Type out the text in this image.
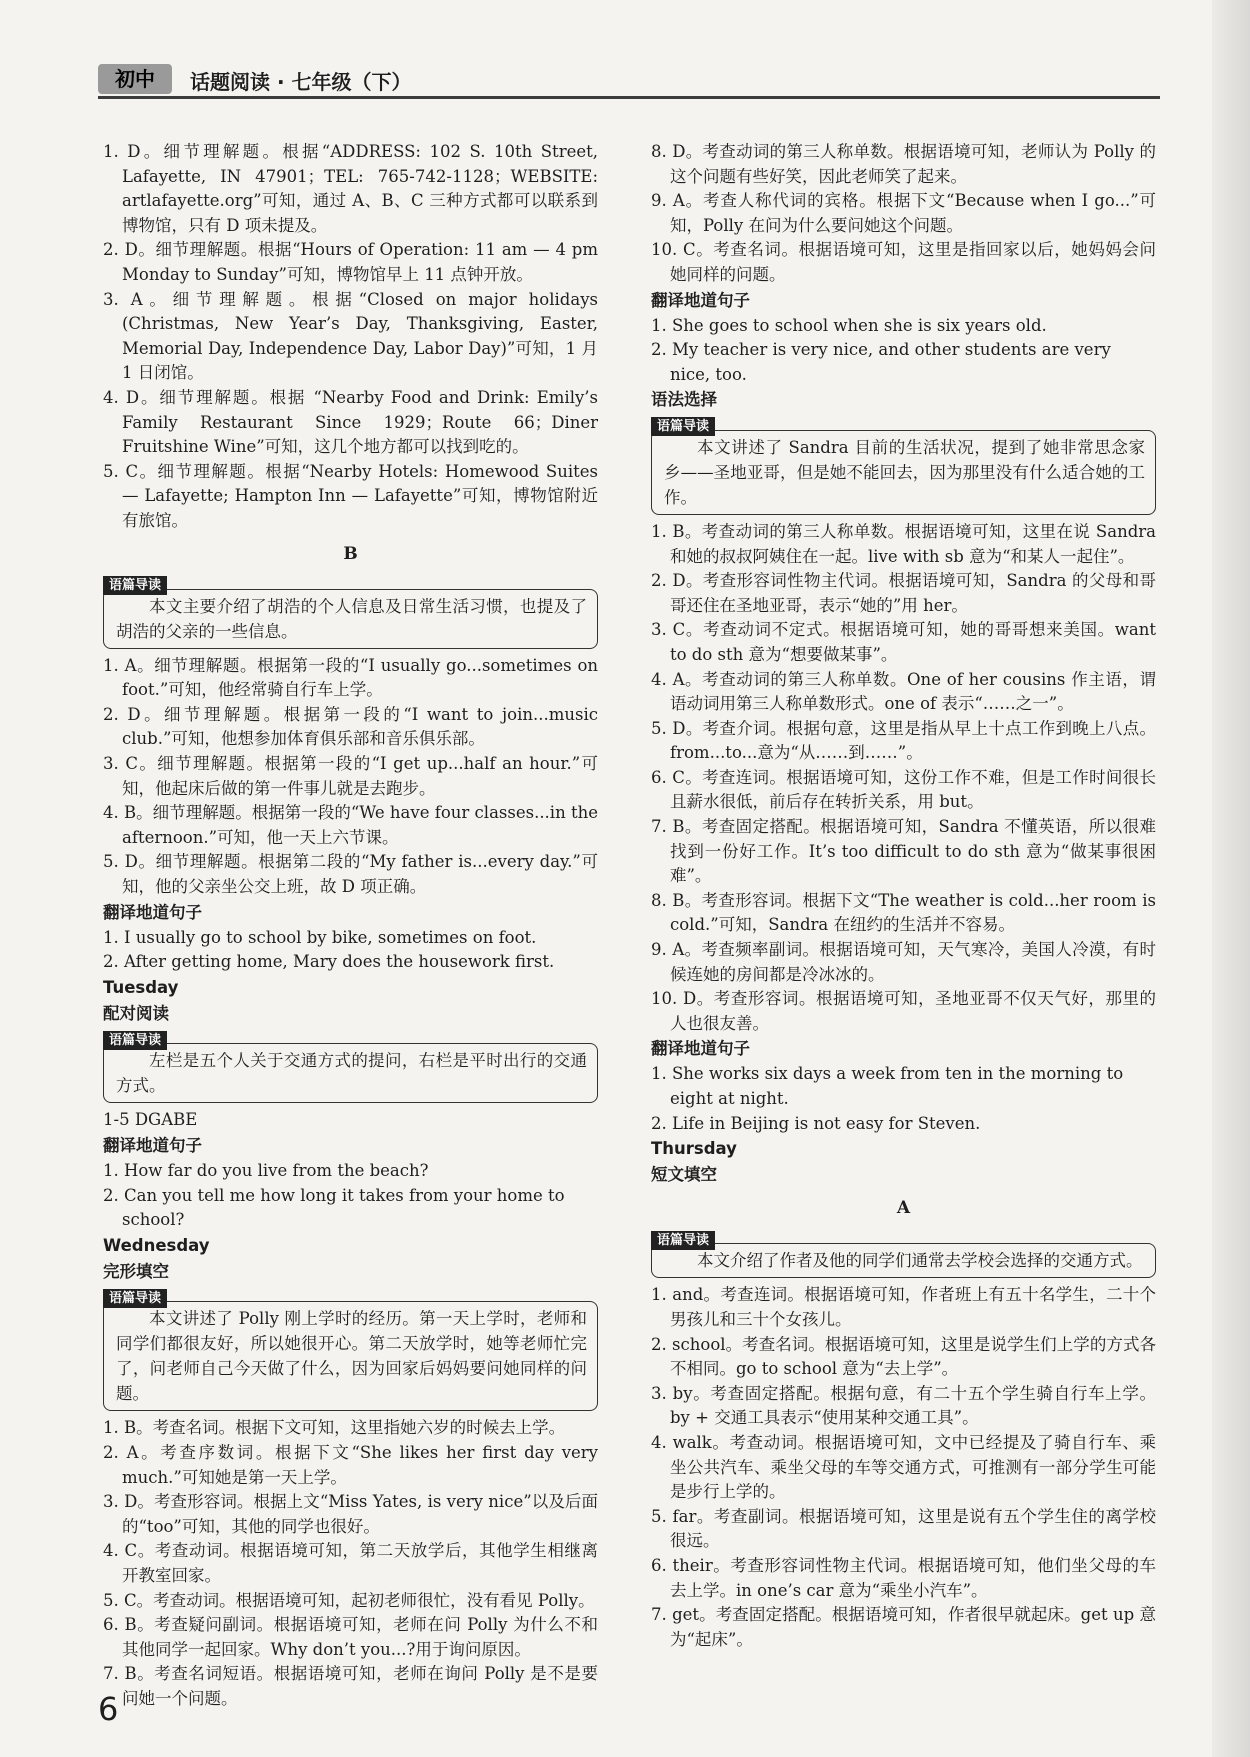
初中	话题阅读 · 七年级（下）
1. D。细节理解题。根据“ADDRESS: 102 S. 10th Street, Lafayette, IN 47901；TEL: 765-742-1128；WEBSITE: artlafayette.org”可知，通过 A、B、C 三种方式都可以联系到博物馆，只有 D 项未提及。
2. D。细节理解题。根据“Hours of Operation: 11 am — 4 pm Monday to Sunday”可知，博物馆早上 11 点钟开放。
3. A。细节理解题。根据“Closed on major holidays (Christmas, New Year’s Day, Thanksgiving, Easter, Memorial Day, Independence Day, Labor Day)”可知，1 月 1 日闭馆。
4. D。细节理解题。根据 “Nearby Food and Drink: Emily’s Family Restaurant Since 1929；Route 66；Diner Fruitshine Wine”可知，这几个地方都可以找到吃的。
5. C。细节理解题。根据“Nearby Hotels: Homewood Suites — Lafayette; Hampton Inn — Lafayette”可知，博物馆附近有旅馆。
B
语篇导读
本文主要介绍了胡浩的个人信息及日常生活习惯，也提及了胡浩的父亲的一些信息。
1. A。细节理解题。根据第一段的“I usually go...sometimes on foot.”可知，他经常骑自行车上学。
2. D。细节理解题。根据第一段的“I want to join...music club.”可知，他想参加体育俱乐部和音乐俱乐部。
3. C。细节理解题。根据第一段的“I get up...half an hour.”可知，他起床后做的第一件事儿就是去跑步。
4. B。细节理解题。根据第一段的“We have four classes...in the afternoon.”可知，他一天上六节课。
5. D。细节理解题。根据第二段的“My father is...every day.”可知，他的父亲坐公交上班，故 D 项正确。
翻译地道句子
1. I usually go to school by bike, sometimes on foot.
2. After getting home, Mary does the housework first.
Tuesday
配对阅读
语篇导读
左栏是五个人关于交通方式的提问，右栏是平时出行的交通方式。
1-5 DGABE
翻译地道句子
1. How far do you live from the beach?
2. Can you tell me how long it takes from your home to school?
Wednesday
完形填空
语篇导读
本文讲述了 Polly 刚上学时的经历。第一天上学时，老师和同学们都很友好，所以她很开心。第二天放学时，她等老师忙完了，问老师自己今天做了什么，因为回家后妈妈要问她同样的问题。
1. B。考查名词。根据下文可知，这里指她六岁的时候去上学。
2. A。考查序数词。根据下文“She likes her first day very much.”可知她是第一天上学。
3. D。考查形容词。根据上文“Miss Yates, is very nice”以及后面的“too”可知，其他的同学也很好。
4. C。考查动词。根据语境可知，第二天放学后，其他学生相继离开教室回家。
5. C。考查动词。根据语境可知，起初老师很忙，没有看见 Polly。
6. B。考查疑问副词。根据语境可知，老师在问 Polly 为什么不和其他同学一起回家。Why don’t you...?用于询问原因。
7. B。考查名词短语。根据语境可知，老师在询问 Polly 是不是要问她一个问题。
8. D。考查动词的第三人称单数。根据语境可知，老师认为 Polly 的这个问题有些好笑，因此老师笑了起来。
9. A。考查人称代词的宾格。根据下文“Because when I go...”可知，Polly 在问为什么要问她这个问题。
10. C。考查名词。根据语境可知，这里是指回家以后，她妈妈会问她同样的问题。
翻译地道句子
1. She goes to school when she is six years old.
2. My teacher is very nice, and other students are very nice, too.
语法选择
语篇导读
本文讲述了 Sandra 目前的生活状况，提到了她非常思念家乡——圣地亚哥，但是她不能回去，因为那里没有什么适合她的工作。
1. B。考查动词的第三人称单数。根据语境可知，这里在说 Sandra 和她的叔叔阿姨住在一起。live with sb 意为“和某人一起住”。
2. D。考查形容词性物主代词。根据语境可知，Sandra 的父母和哥哥还住在圣地亚哥，表示“她的”用 her。
3. C。考查动词不定式。根据语境可知，她的哥哥想来美国。want to do sth 意为“想要做某事”。
4. A。考查动词的第三人称单数。One of her cousins 作主语，谓语动词用第三人称单数形式。one of 表示“……之一”。
5. D。考查介词。根据句意，这里是指从早上十点工作到晚上八点。from...to...意为“从……到……”。
6. C。考查连词。根据语境可知，这份工作不难，但是工作时间很长且薪水很低，前后存在转折关系，用 but。
7. B。考查固定搭配。根据语境可知，Sandra 不懂英语，所以很难找到一份好工作。It’s too difficult to do sth 意为“做某事很困难”。
8. B。考查形容词。根据下文“The weather is cold...her room is cold.”可知，Sandra 在纽约的生活并不容易。
9. A。考查频率副词。根据语境可知，天气寒冷，美国人冷漠，有时候连她的房间都是冷冰冰的。
10. D。考查形容词。根据语境可知，圣地亚哥不仅天气好，那里的人也很友善。
翻译地道句子
1. She works six days a week from ten in the morning to eight at night.
2. Life in Beijing is not easy for Steven.
Thursday
短文填空
A
语篇导读
本文介绍了作者及他的同学们通常去学校会选择的交通方式。
1. and。考查连词。根据语境可知，作者班上有五十名学生，二十个男孩儿和三十个女孩儿。
2. school。考查名词。根据语境可知，这里是说学生们上学的方式各不相同。go to school 意为“去上学”。
3. by。考查固定搭配。根据句意，有二十五个学生骑自行车上学。by + 交通工具表示“使用某种交通工具”。
4. walk。考查动词。根据语境可知，文中已经提及了骑自行车、乘坐公共汽车、乘坐父母的车等交通方式，可推测有一部分学生可能是步行上学的。
5. far。考查副词。根据语境可知，这里是说有五个学生住的离学校很远。
6. their。考查形容词性物主代词。根据语境可知，他们坐父母的车去上学。in one’s car 意为“乘坐小汽车”。
7. get。考查固定搭配。根据语境可知，作者很早就起床。get up 意为“起床”。
6
